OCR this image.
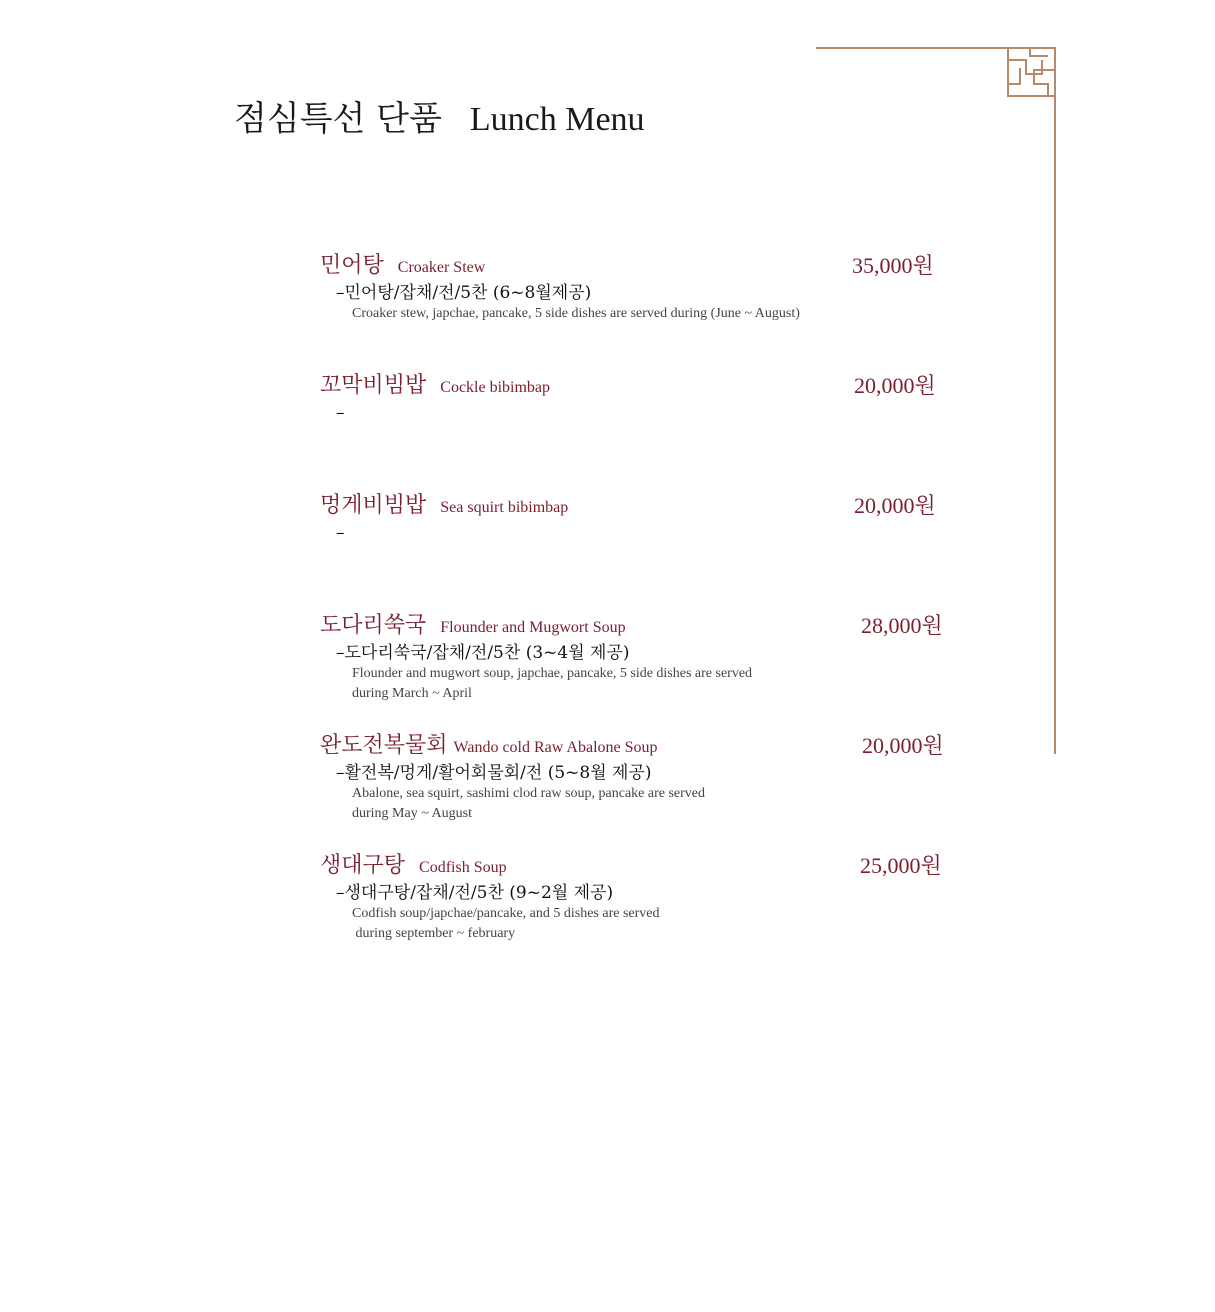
점심특선 단품 Lunch Menu
민어탕 Croaker Stew	35,000원
–민어탕/잡채/전/5찬 (6~8월제공)
Croaker stew, japchae, pancake, 5 side dishes are served during (June ~ August)
꼬막비빔밥 Cockle bibimbap	20,000원
–
멍게비빔밥 Sea squirt bibimbap	20,000원
–
도다리쑥국 Flounder and Mugwort Soup	28,000원
–도다리쑥국/잡채/전/5찬 (3~4월 제공)
Flounder and mugwort soup, japchae, pancake, 5 side dishes are served
during March ~ April
완도전복물회 Wando cold Raw Abalone Soup	20,000원
–활전복/멍게/활어회물회/전 (5~8월 제공)
Abalone, sea squirt, sashimi clod raw soup, pancake are served
during May ~ August
생대구탕 Codfish Soup	25,000원
–생대구탕/잡채/전/5찬 (9~2월 제공)
Codfish soup/japchae/pancake, and 5 dishes are served
during september ~ february
